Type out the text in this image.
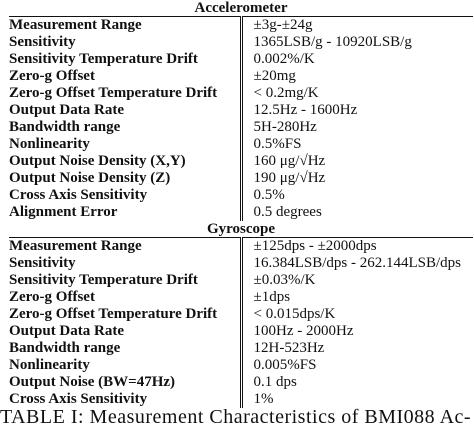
Accelerometer	
Measurement Range	±3g-±24g
Sensitivity	1365LSB/g - 10920LSB/g
Sensitivity Temperature Drift	0.002%/K
Zero-g Offset	±20mg
Zero-g Offset Temperature Drift	< 0.2mg/K
Output Data Rate	12.5Hz - 1600Hz
Bandwidth range	5H-280Hz
Nonlinearity	0.5%FS
Output Noise Density (X,Y)	160 μg/√Hz
Output Noise Density (Z)	190 μg/√Hz
Cross Axis Sensitivity	0.5%
Alignment Error	0.5 degrees
Gyroscope	
Measurement Range	±125dps - ±2000dps
Sensitivity	16.384LSB/dps - 262.144LSB/dps
Sensitivity Temperature Drift	±0.03%/K
Zero-g Offset	±1dps
Zero-g Offset Temperature Drift	< 0.015dps/K
Output Data Rate	100Hz - 2000Hz
Bandwidth range	12H-523Hz
Nonlinearity	0.005%FS
Output Noise (BW=47Hz)	0.1 dps
Cross Axis Sensitivity	1%
TABLE I: Measurement Characteristics of BMI088 Ac-
